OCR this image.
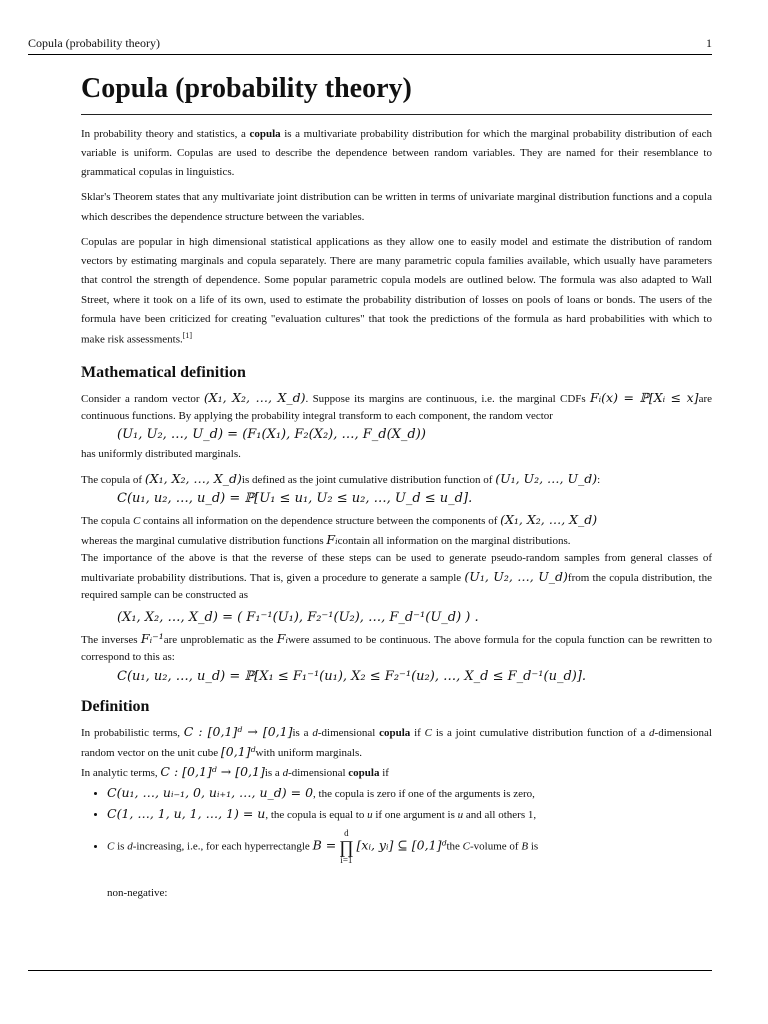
Copula (probability theory)	1
Copula (probability theory)

In probability theory and statistics, a copula is a multivariate probability distribution for which the marginal probability distribution of each variable is uniform. Copulas are used to describe the dependence between random variables. They are named for their resemblance to grammatical copulas in linguistics.

Sklar's Theorem states that any multivariate joint distribution can be written in terms of univariate marginal distribution functions and a copula which describes the dependence structure between the variables.

Copulas are popular in high dimensional statistical applications as they allow one to easily model and estimate the distribution of random vectors by estimating marginals and copula separately. There are many parametric copula families available, which usually have parameters that control the strength of dependence. Some popular parametric copula models are outlined below. The formula was also adapted to Wall Street, where it took on a life of its own, used to estimate the probability distribution of losses on pools of loans or bonds. The users of the formula have been criticized for creating "evaluation cultures" that took the predictions of the formula as hard probabilities with which to make risk assessments.[1]

Mathematical definition

Consider a random vector (X₁, X₂, …, X_d). Suppose its margins are continuous, i.e. the marginal CDFs Fᵢ(x) = ℙ[Xᵢ ≤ x]are continuous functions. By applying the probability integral transform to each component, the random vector

(U₁, U₂, …, U_d) = (F₁(X₁), F₂(X₂), …, F_d(X_d))

has uniformly distributed marginals.

The copula of (X₁, X₂, …, X_d)is defined as the joint cumulative distribution function of (U₁, U₂, …, U_d):

C(u₁, u₂, …, u_d) = ℙ[U₁ ≤ u₁, U₂ ≤ u₂, …, U_d ≤ u_d].

The copula C contains all information on the dependence structure between the components of (X₁, X₂, …, X_d)
whereas the marginal cumulative distribution functions Fᵢcontain all information on the marginal distributions.

The importance of the above is that the reverse of these steps can be used to generate pseudo-random samples from general classes of multivariate probability distributions. That is, given a procedure to generate a sample (U₁, U₂, …, U_d)from the copula distribution, the required sample can be constructed as

(X₁, X₂, …, X_d) = ( F₁⁻¹(U₁), F₂⁻¹(U₂), …, F_d⁻¹(U_d) ) .

The inverses Fᵢ⁻¹are unproblematic as the Fᵢwere assumed to be continuous. The above formula for the copula function can be rewritten to correspond to this as:

C(u₁, u₂, …, u_d) = ℙ[X₁ ≤ F₁⁻¹(u₁), X₂ ≤ F₂⁻¹(u₂), …, X_d ≤ F_d⁻¹(u_d)].
Definition

In probabilistic terms, C : [0,1]ᵈ → [0,1]is a d-dimensional copula if C is a joint cumulative distribution function of a d-dimensional random vector on the unit cube [0,1]ᵈwith uniform marginals.

In analytic terms, C : [0,1]ᵈ → [0,1]is a d-dimensional copula if

• C(u₁, …, uᵢ₋₁, 0, uᵢ₊₁, …, u_d) = 0, the copula is zero if one of the arguments is zero,
• C(1, …, 1, u, 1, …, 1) = u, the copula is equal to u if one argument is u and all others 1,
• C is d-increasing, i.e., for each hyperrectangle B = d
∏
i=1 [xᵢ, yᵢ] ⊆ [0,1]ᵈthe C-volume of B is

non-negative:
